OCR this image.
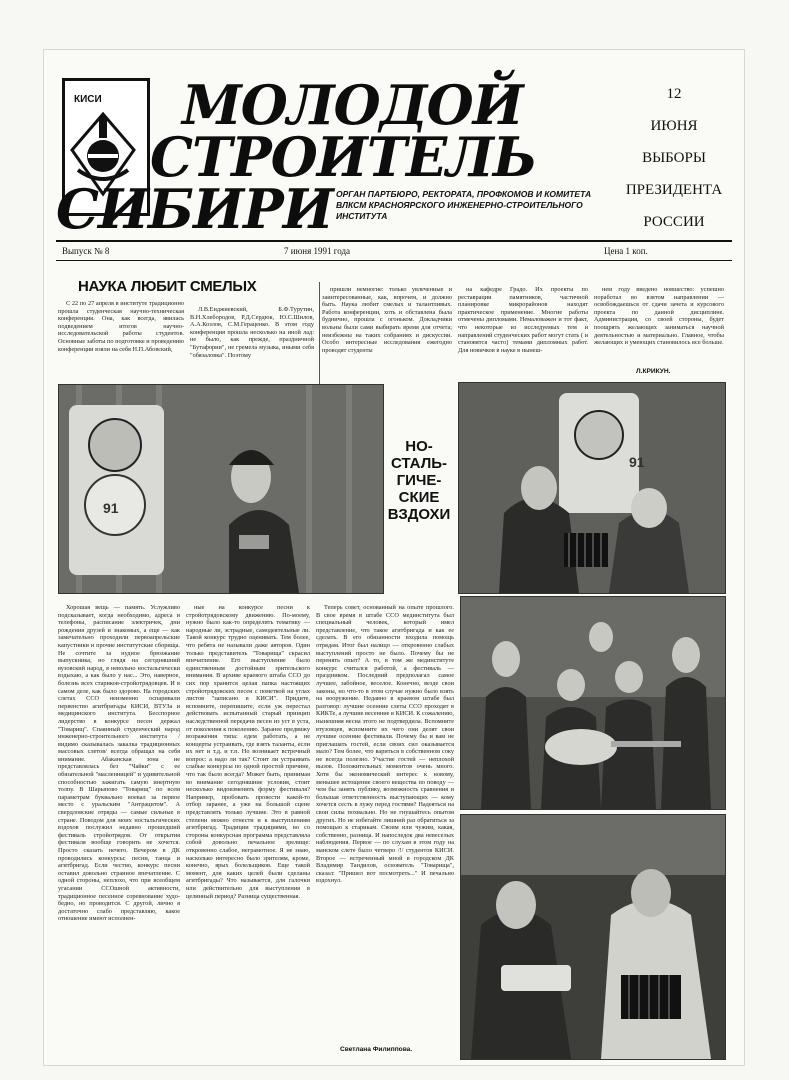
КИСИ МОЛОДОЙ
СТРОИТЕЛЬ
СИБИРИ ОРГАН ПАРТБЮРО, РЕКТОРАТА, ПРОФКОМОВ И КОМИТЕТА ВЛКСМ КРАСНОЯРСКОГО ИНЖЕНЕРНО-СТРОИТЕЛЬНОГО ИНСТИТУТА
12
ИЮНЯ
ВЫБОРЫ
ПРЕЗИДЕНТА
РОССИИ
Выпуск № 8	7 июня 1991 года	Цена 1 коп.
НАУКА ЛЮБИТ СМЕЛЫХ

С 22 по 27 апреля в институте традиционно прошла студенческая научно-техническая конференция. Она, как всегда, явилась подведением итогов научно-исследовательской работы студентов. Основные заботы по подготовке и проведению конференции взяли на себя Н.П.Абовский,

Л.В.Енджиевский, Б.Ф.Турутин, В.Н.Хлебородов, Р.Д.Сердюк, Ю.С.Шилов, А.А.Козлов, С.М.Гераценко. В этом году конференция прошла несколько на иной лад: не было, как прежде, праздничной "Бутафории", не гремела музыка, иными себя "обязаловка". Поэтому

пришли немногие: только увлеченные и заинтересованные, как, впрочем, и должно быть. Наука любит смелых и талантливых. Работа конференции, хоть и обставлена была буднично, прошла с огоньком. Докладчики вольны были сами выбирать время для отчета; неизбежны на таких собраниях и дискуссии. Особо интересные исследования ежегодно проводят студенты

на кафедре Градо. Их проекты по реставрации памятников, частичной планировке микрорайонов находят практическое применение. Многие работы отмечены дипломами. Немаловажен и тот факт, что некоторые из исследуемых тем и направлений студенческих работ могут стать ( и становятся часто) темами дипломных работ. Для новичков в науке в нынеш-

нем году введено новшество: успешно поработал во взятом направлении — освобождаешься от сдачи зачета и курсового проекта по данной дисциплине. Администрация, со своей стороны, будет поощрять желающих заниматься научной деятельностью и материально. Главное, чтобы желающих и умеющих становилось все больше.

Л.КРИКУН.
91
НО-
СТАЛЬ-
ГИЧЕ-
СКИЕ
ВЗДОХИ
91

Хорошая вещь — память. Услужливо подсказывает, когда необходимо, адреса и телефоны, расписание электричек, дни рождения друзей и знакомых, а еще — как замечательно проходили первоапрельские капустники и прочие институтские сборища. Не сочтите за нудное брюзжание выпускника, но глядя на сегодняшний вузовский народ, я невольно ностальгически вздыхаю, а как было у нас... Это, наверное, болезнь всех стариков-стройотрядовцев. И в самом деле, как было здорово. На городских слетах ССО неизменно оспаривали первенство агитбригады КИСИ, ВТУЗа и медицинского института. Бесспорное лидерство в конкурсе песен держал "Товарищ". Спаянный студенческий народ инженерно-строительного института /видимо сказывалась закалка традиционных массовых слетов/ всегда обращал на себя внимание. Абаканская зона не представлялась без "Чайки" с ее обязательной "масленницей" и удивительной способностью зажигать самую инертную толпу. В Шарыпово "Товарищ" по всем параметрам буквально воевал за первое место с уральским "Антрацитом". А свердловские отряды — самые сильные в стране. Поводом для моих ностальгических вздохов послужил недавно прошедший фестиваль стройотрядов. От открытия фестиваля вообще говорить не хочется. Просто сказать нечего. Вечером в ДК проводились конкурсы: песни, танца и агитбригад. Если честно, конкурс песни оставил довольно странное впечатление. С одной стороны, неплохо, что при всеобщем угасании ССОшной активности, традиционное песенное соревнование худо-бедно, но проводится. С другой, лично я достаточно слабо представляю, какое отношение имеют исполнен-

ные на конкурсе песни к стройотрядовскому движению. По-моему, нужно было как-то определить тематику — народные ли, эстрадные, самодеятельные ли. Такой конкурс трудно оценивать. Тем более, что ребята не называли даже авторов. Один только представитель "Товарища" скрасил впечатление. Его выступление было единственным достойным зрительского внимания. В архиве краевого штаба ССО до сих пор хранится целая папка настоящих стройотрядовских песен с пометкой на углах листов "записано в КИСИ". Придите, вспомните, перепишите, если уж перестал действовать испытанный старый принцип наследственной передачи песен из уст в уста, от поколения к поколению. Заранее предвижу возражения типа: едем работать, а не концерты устраивать, где взять таланты, если их нет и т.д. и т.п. Но возникает встречный вопрос: а надо ли так? Стоит ли устраивать слабые конкурсы по одной простой причине, что так было всегда? Может быть, принимая во внимание сегодняшние условия, стоит несколько видоизменить форму фестиваля? Например, пробовать провести какой-то отбор заранее, а уже на большой сцене представлять только лучшие. Это в равной степени можно отнести и к выступлениям агитбригад. Традиции традициями, но со стороны конкурсная программа представляла собой довольно печальное зрелище: откровенно слабое, неграмотное. Я не знаю, насколько интересно было зрителям, кроме, конечно, ярых болельщиков. Еще такой момент, для каких целей были сделаны агитбригады? Что называется, для галочки или действительно для выступления в целинный период? Разница существенная.

Теперь совет, основанный на опыте прошлого. В свое время в штабе ССО мединститута был специальный человек, который имел представление, что такое агитбригада и как ее сделать. В его обязанности входила помощь отрядам. Итог был налицо — откровенно слабых выступлений просто не было. Почему бы не перенять опыт? А то, в том же мединституте конкурс считался работой, а фестиваль — праздником. Последний предполагал самое лучшее, забойное, веселое. Конечно, везде свои законы, но что-то в этом случае нужно было взять на вооружение. Недавно в краевом штабе был разговор: лучшие осенние слеты ССО проходят в КИКТе, а лучшие весенние в КИСИ. К сожалению, нынешняя весна этого не подтвердила. Вспомните втузовцев, вспомните их чего они делят свои лучшие осенние фестивали. Почему бы и вам не приглашать гостей, если своих сил оказывается мало? Тем более, что вариться в собственном соку не всегда полезно. Участие гостей — неплохой вызов. Положительных моментов очень много. Хотя бы экономический интерес к новому, меньшее истощение своего вещества по поводу — чем бы занять публику, возможность сравнения и большая ответственность выступающих — кому хочется сесть в лужу перед гостями? Надеяться на свои силы похвально. Но не гнушайтесь опытом других. Но не избегайте лишний раз обратиться за помощью к старикам. Своим или чужим, какая, собственно, разница. И напоследок два невеселых наблюдения. Первое — по слухам в этом году на манском слете было четверо /!/ студентов КИСИ. Второе — встреченный мной в городском ДК Владимир Тандилов, основатель "Товарища", сказал: "Пришел вот посмотреть..." И печально вздохнул.

Светлана Филиппова.
